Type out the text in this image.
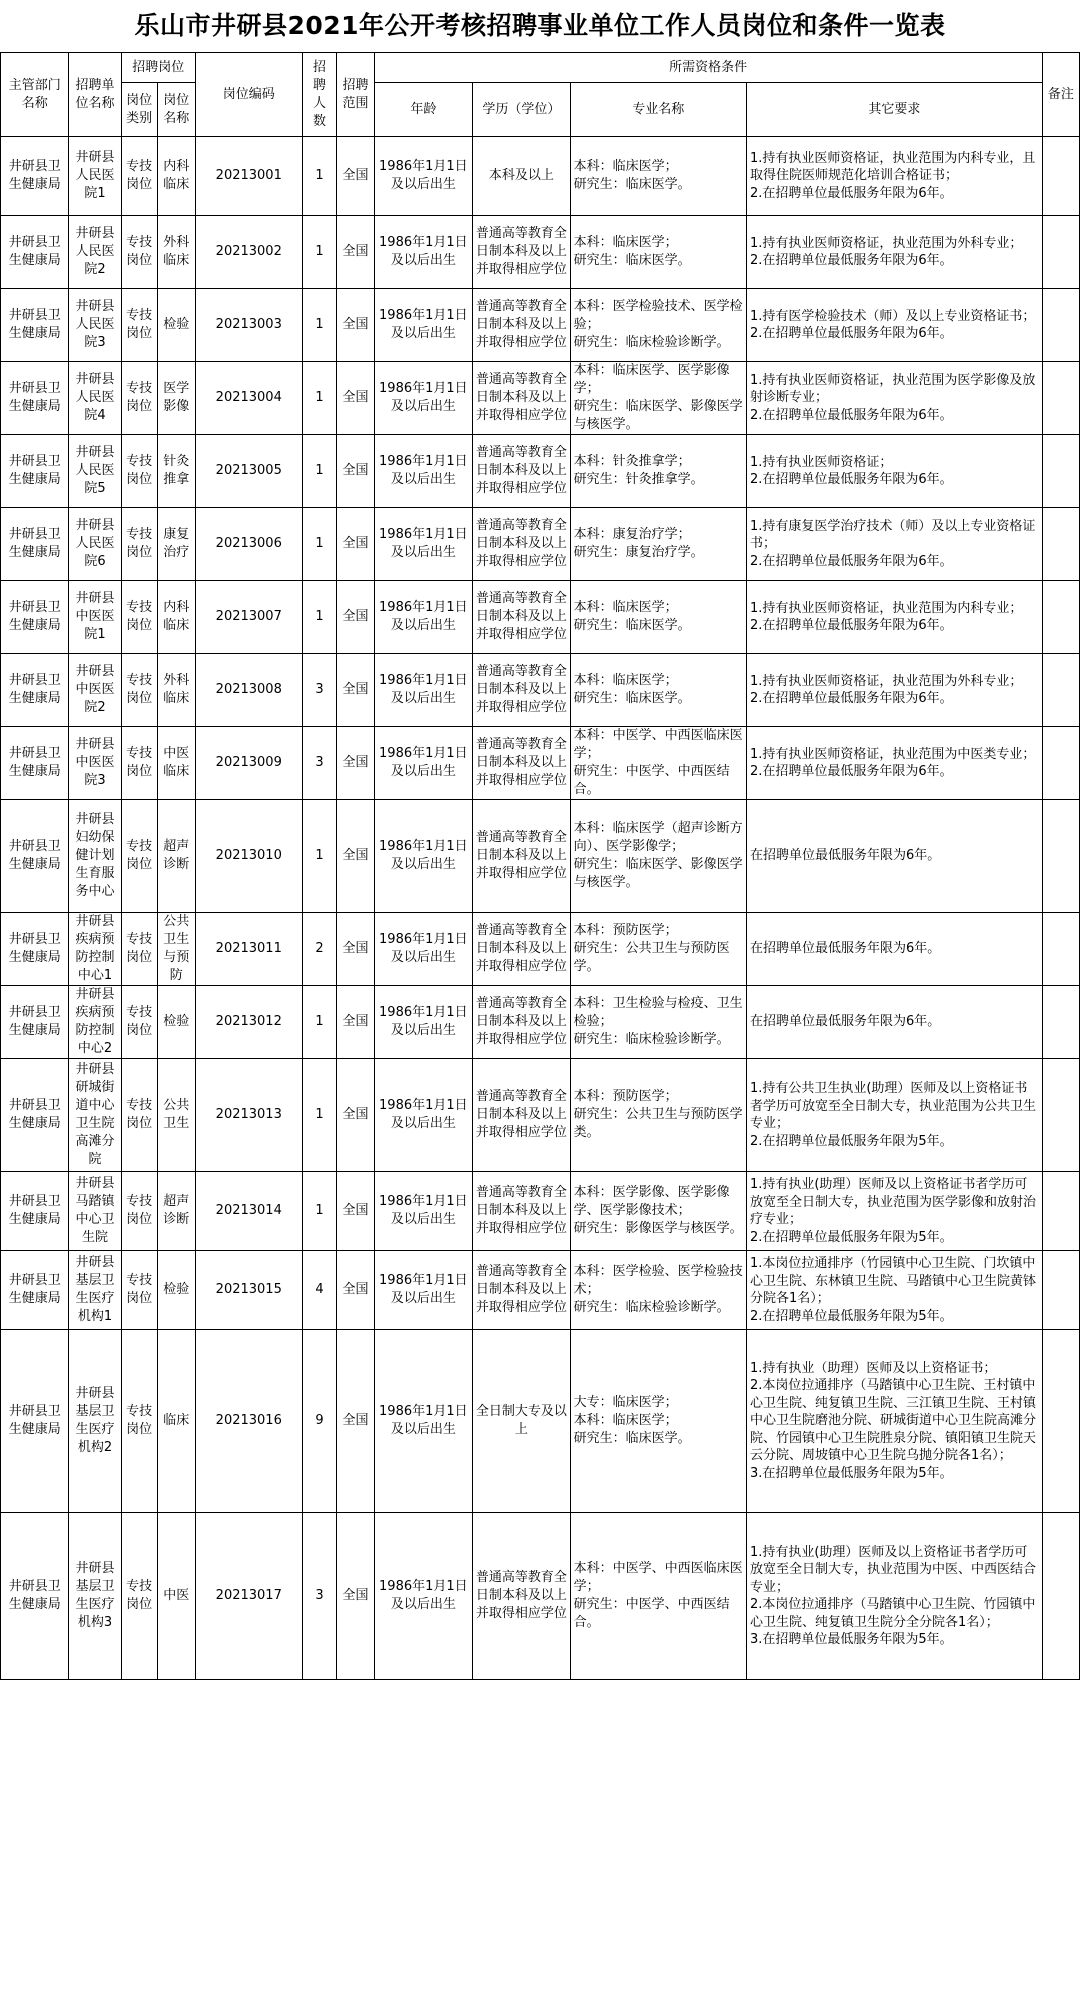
乐山市井研县2021年公开考核招聘事业单位工作人员岗位和条件一览表
主管部门名称	招聘单位名称	招聘岗位		岗位编码	招聘人数	招聘范围	所需资格条件				备注
		岗位类别	岗位名称				年龄	学历（学位）	专业名称	其它要求	

井研县卫生健康局	井研县人民医院1	专技岗位	内科临床	20213001	1	全国	1986年1月1日及以后出生	本科及以上	本科：临床医学；
研究生：临床医学。	1.持有执业医师资格证，执业范围为内科专业，且取得住院医师规范化培训合格证书；
2.在招聘单位最低服务年限为6年。	

井研县卫生健康局	井研县人民医院2	专技岗位	外科临床	20213002	1	全国	1986年1月1日及以后出生	普通高等教育全日制本科及以上并取得相应学位	本科：临床医学；
研究生：临床医学。	1.持有执业医师资格证，执业范围为外科专业；
2.在招聘单位最低服务年限为6年。	

井研县卫生健康局	井研县人民医院3	专技岗位	检验	20213003	1	全国	1986年1月1日及以后出生	普通高等教育全日制本科及以上并取得相应学位	本科：医学检验技术、医学检验；
研究生：临床检验诊断学。	1.持有医学检验技术（师）及以上专业资格证书；
2.在招聘单位最低服务年限为6年。	

井研县卫生健康局	井研县人民医院4	专技岗位	医学影像	20213004	1	全国	1986年1月1日及以后出生	普通高等教育全日制本科及以上并取得相应学位	本科：临床医学、医学影像学；
研究生：临床医学、影像医学与核医学。	1.持有执业医师资格证，执业范围为医学影像及放射诊断专业；
2.在招聘单位最低服务年限为6年。	

井研县卫生健康局	井研县人民医院5	专技岗位	针灸推拿	20213005	1	全国	1986年1月1日及以后出生	普通高等教育全日制本科及以上并取得相应学位	本科：针灸推拿学；
研究生：针灸推拿学。	1.持有执业医师资格证；
2.在招聘单位最低服务年限为6年。	

井研县卫生健康局	井研县人民医院6	专技岗位	康复治疗	20213006	1	全国	1986年1月1日及以后出生	普通高等教育全日制本科及以上并取得相应学位	本科：康复治疗学；
研究生：康复治疗学。	1.持有康复医学治疗技术（师）及以上专业资格证书；
2.在招聘单位最低服务年限为6年。	

井研县卫生健康局	井研县中医医院1	专技岗位	内科临床	20213007	1	全国	1986年1月1日及以后出生	普通高等教育全日制本科及以上并取得相应学位	本科：临床医学；
研究生：临床医学。	1.持有执业医师资格证，执业范围为内科专业；
2.在招聘单位最低服务年限为6年。	

井研县卫生健康局	井研县中医医院2	专技岗位	外科临床	20213008	3	全国	1986年1月1日及以后出生	普通高等教育全日制本科及以上并取得相应学位	本科：临床医学；
研究生：临床医学。	1.持有执业医师资格证，执业范围为外科专业；
2.在招聘单位最低服务年限为6年。	

井研县卫生健康局	井研县中医医院3	专技岗位	中医临床	20213009	3	全国	1986年1月1日及以后出生	普通高等教育全日制本科及以上并取得相应学位	本科：中医学、中西医临床医学；
研究生：中医学、中西医结合。	1.持有执业医师资格证，执业范围为中医类专业；
2.在招聘单位最低服务年限为6年。	

井研县卫生健康局	井研县妇幼保健计划生育服务中心	专技岗位	超声诊断	20213010	1	全国	1986年1月1日及以后出生	普通高等教育全日制本科及以上并取得相应学位	本科：临床医学（超声诊断方向）、医学影像学；
研究生：临床医学、影像医学与核医学。	在招聘单位最低服务年限为6年。	

井研县卫生健康局	井研县疾病预防控制中心1	专技岗位	公共卫生与预防	20213011	2	全国	1986年1月1日及以后出生	普通高等教育全日制本科及以上并取得相应学位	本科：预防医学；
研究生：公共卫生与预防医学。	在招聘单位最低服务年限为6年。	

井研县卫生健康局	井研县疾病预防控制中心2	专技岗位	检验	20213012	1	全国	1986年1月1日及以后出生	普通高等教育全日制本科及以上并取得相应学位	本科：卫生检验与检疫、卫生检验；
研究生：临床检验诊断学。	在招聘单位最低服务年限为6年。	

井研县卫生健康局	井研县研城街道中心卫生院高滩分院	专技岗位	公共卫生	20213013	1	全国	1986年1月1日及以后出生	普通高等教育全日制本科及以上并取得相应学位	本科：预防医学；
研究生：公共卫生与预防医学类。	1.持有公共卫生执业(助理）医师及以上资格证书者学历可放宽至全日制大专，执业范围为公共卫生专业；
2.在招聘单位最低服务年限为5年。	

井研县卫生健康局	井研县马踏镇中心卫生院	专技岗位	超声诊断	20213014	1	全国	1986年1月1日及以后出生	普通高等教育全日制本科及以上并取得相应学位	本科：医学影像、医学影像学、医学影像技术；
研究生：影像医学与核医学。	1.持有执业(助理）医师及以上资格证书者学历可放宽至全日制大专，执业范围为医学影像和放射治疗专业；
2.在招聘单位最低服务年限为5年。	

井研县卫生健康局	井研县基层卫生医疗机构1	专技岗位	检验	20213015	4	全国	1986年1月1日及以后出生	普通高等教育全日制本科及以上并取得相应学位	本科：医学检验、医学检验技术；
研究生：临床检验诊断学。	1.本岗位拉通排序（竹园镇中心卫生院、门坎镇中心卫生院、东林镇卫生院、马踏镇中心卫生院黄钵分院各1名）；
2.在招聘单位最低服务年限为5年。	

井研县卫生健康局	井研县基层卫生医疗机构2	专技岗位	临床	20213016	9	全国	1986年1月1日及以后出生	全日制大专及以上	大专：临床医学；
本科：临床医学；
研究生：临床医学。	1.持有执业（助理）医师及以上资格证书；
2.本岗位拉通排序（马踏镇中心卫生院、王村镇中心卫生院、纯复镇卫生院、三江镇卫生院、王村镇中心卫生院磨池分院、研城街道中心卫生院高滩分院、竹园镇中心卫生院胜泉分院、镇阳镇卫生院天云分院、周坡镇中心卫生院乌抛分院各1名）；
3.在招聘单位最低服务年限为5年。	

井研县卫生健康局	井研县基层卫生医疗机构3	专技岗位	中医	20213017	3	全国	1986年1月1日及以后出生	普通高等教育全日制本科及以上并取得相应学位	本科：中医学、中西医临床医学；
研究生：中医学、中西医结合。	1.持有执业(助理）医师及以上资格证书者学历可放宽至全日制大专，执业范围为中医、中西医结合专业；
2.本岗位拉通排序（马踏镇中心卫生院、竹园镇中心卫生院、纯复镇卫生院分全分院各1名）；
3.在招聘单位最低服务年限为5年。	
